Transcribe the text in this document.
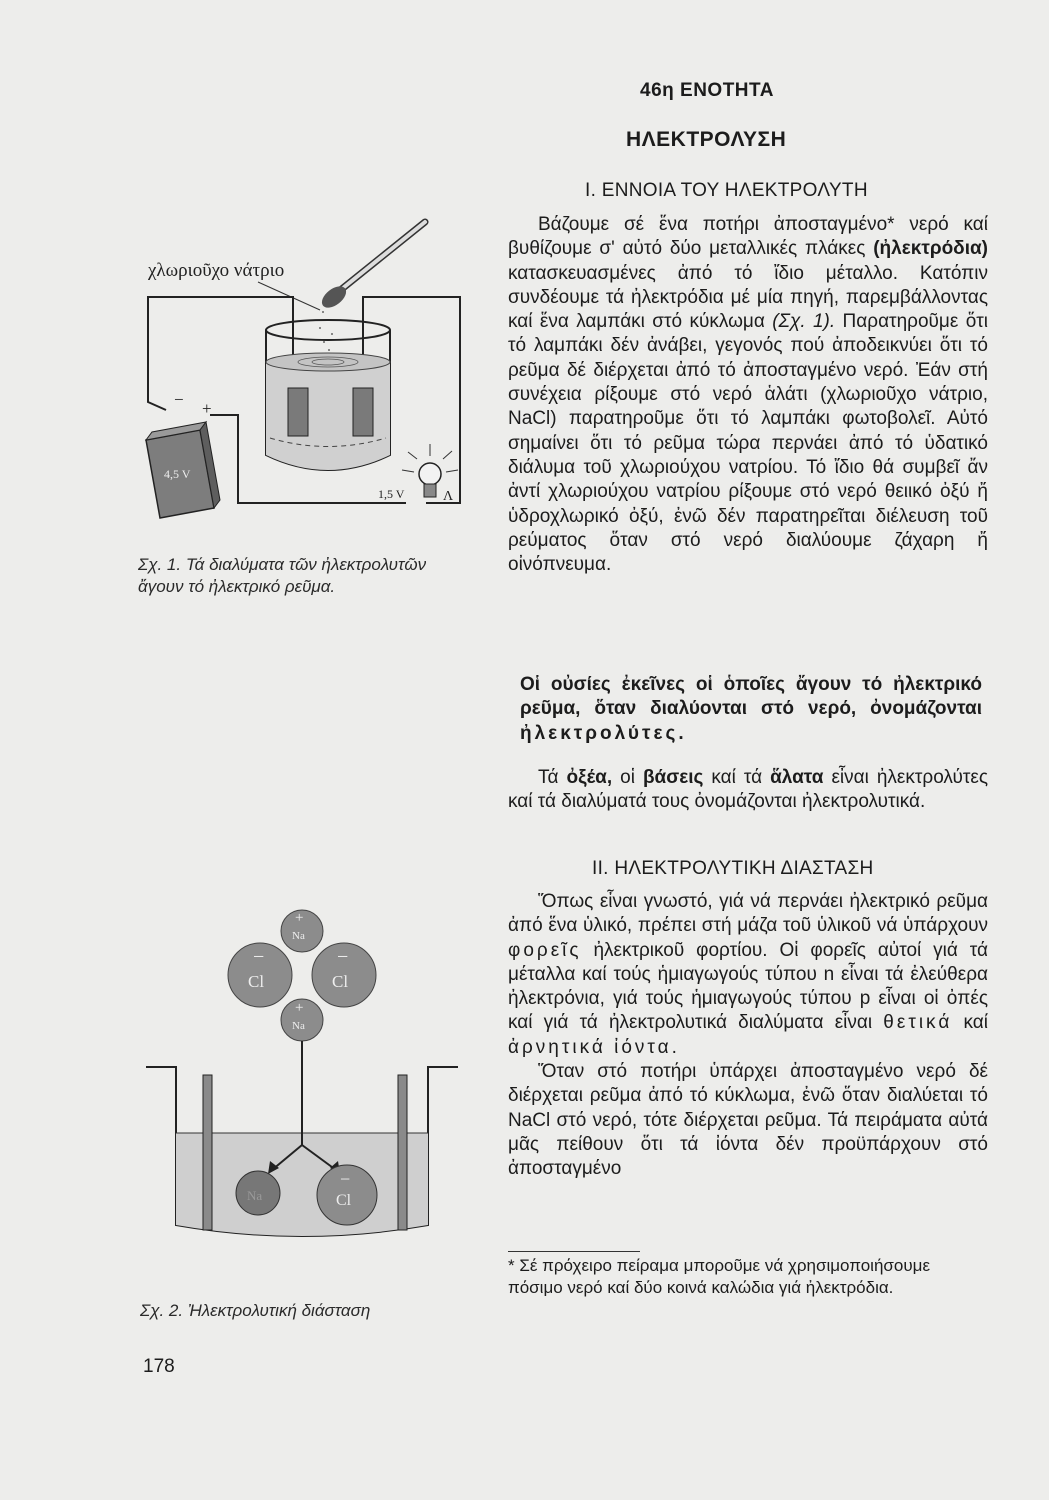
46η ΕΝΟΤΗΤΑ
ΗΛΕΚΤΡΟΛΥΣΗ
Ι. ΕΝΝΟΙΑ ΤΟΥ ΗΛΕΚΤΡΟΛΥΤΗ

Βάζουμε σέ ἕνα ποτήρι ἀποσταγμένο* νερό καί βυθίζουμε σ' αὐτό δύο μεταλλικές πλάκες (ἠλεκτρόδια) κατασκευασμένες ἀπό τό ἴδιο μέταλλο. Κατόπιν συνδέουμε τά ἠλεκτρόδια μέ μία πηγή, παρεμβάλλοντας καί ἕνα λαμπάκι στό κύκλωμα (Σχ. 1). Παρατηροῦμε ὅτι τό λαμπάκι δέν ἀνάβει, γεγονός πού ἀποδεικνύει ὅτι τό ρεῦμα δέ διέρχεται ἀπό τό ἀποσταγμένο νερό. Ἐάν στή συνέχεια ρίξουμε στό νερό ἁλάτι (χλωριοῦχο νάτριο, NaCl) παρατηροῦμε ὅτι τό λαμπάκι φωτοβολεῖ. Αὐτό σημαίνει ὅτι τό ρεῦμα τώρα περνάει ἀπό τό ὑδατικό διάλυμα τοῦ χλωριούχου νατρίου. Τό ἴδιο θά συμβεῖ ἄν ἀντί χλωριούχου νατρίου ρίξουμε στό νερό θειικό ὀξύ ἤ ὑδροχλωρικό ὀξύ, ἐνῶ δέν παρατηρεῖται διέλευση τοῦ ρεύματος ὅταν στό νερό διαλύουμε ζάχαρη ἤ οἰνόπνευμα.

Οἱ οὐσίες ἐκεῖνες οἱ ὁποῖες ἄγουν τό ἠλεκτρικό ρεῦμα, ὅταν διαλύονται στό νερό, ὀνομάζονται ἠλεκτρολύτες.

Τά ὀξέα, οἱ βάσεις καί τά ἅλατα εἶναι ἠλεκτρολύτες καί τά διαλύματά τους ὀνομάζονται ἠλεκτρολυτικά.

ΙΙ. ΗΛΕΚΤΡΟΛΥΤΙΚΗ ΔΙΑΣΤΑΣΗ

Ὅπως εἶναι γνωστό, γιά νά περνάει ἠλεκτρικό ρεῦμα ἀπό ἕνα ὑλικό, πρέπει στή μάζα τοῦ ὑλικοῦ νά ὑπάρχουν φορεῖς ἠλεκτρικοῦ φορτίου. Οἱ φορεῖς αὐτοί γιά τά μέταλλα καί τούς ἡμιαγωγούς τύπου n εἶναι τά ἐλεύθερα ἠλεκτρόνια, γιά τούς ἡμιαγωγούς τύπου p εἶναι οἱ ὀπές καί γιά τά ἠλεκτρολυτικά διαλύματα εἶναι θετικά καί ἀρνητικά ἰόντα.

Ὅταν στό ποτήρι ὑπάρχει ἀποσταγμένο νερό δέ διέρχεται ρεῦμα ἀπό τό κύκλωμα, ἐνῶ ὅταν διαλύεται τό NaCl στό νερό, τότε διέρχεται ρεῦμα. Τά πειράματα αὐτά μᾶς πείθουν ὅτι τά ἰόντα δέν προϋπάρχουν στό ἀποσταγμένο

* Σέ πρόχειρο πείραμα μποροῦμε νά χρησιμοποιήσουμε πόσιμο νερό καί δύο κοινά καλώδια γιά ἠλεκτρόδια.
χλωριοῦχο νάτριο
4,5 V
− +
1,5 V	Λ
Σχ. 1. Τά διαλύματα τῶν ἠλεκτρολυτῶν ἄγουν τό ἠλεκτρικό ρεῦμα.
+
Na
+
Na
−
Cl
−
Cl
Na
−
Cl
Σχ. 2. Ἠλεκτρολυτική διάσταση
178
